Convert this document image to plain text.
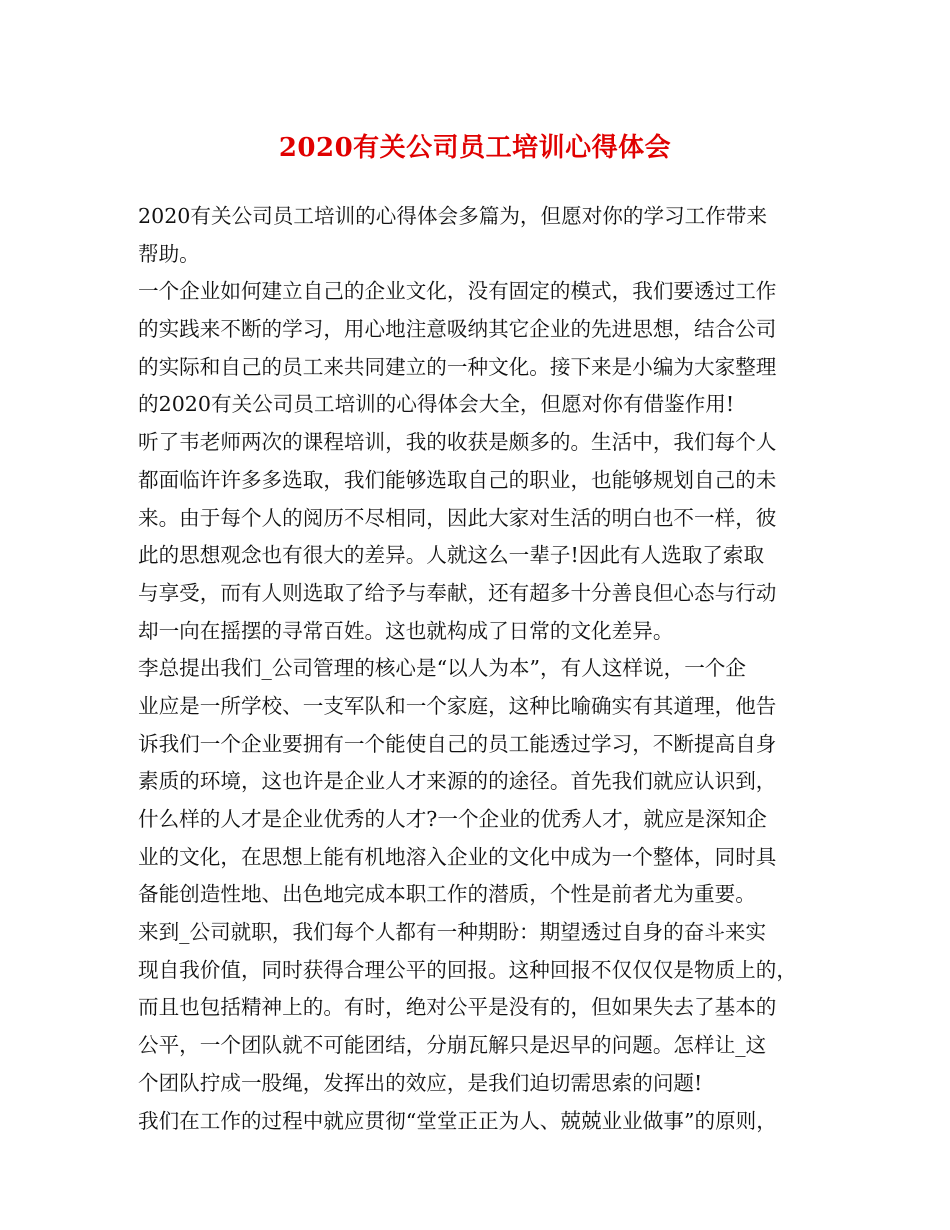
2020有关公司员工培训心得体会
2020有关公司员工培训的心得体会多篇为，但愿对你的学习工作带来
帮助。
一个企业如何建立自己的企业文化，没有固定的模式，我们要透过工作
的实践来不断的学习，用心地注意吸纳其它企业的先进思想，结合公司
的实际和自己的员工来共同建立的一种文化。接下来是小编为大家整理
的2020有关公司员工培训的心得体会大全，但愿对你有借鉴作用!
听了韦老师两次的课程培训，我的收获是颇多的。生活中，我们每个人
都面临许许多多选取，我们能够选取自己的职业，也能够规划自己的未
来。由于每个人的阅历不尽相同，因此大家对生活的明白也不一样，彼
此的思想观念也有很大的差异。人就这么一辈子!因此有人选取了索取
与享受，而有人则选取了给予与奉献，还有超多十分善良但心态与行动
却一向在摇摆的寻常百姓。这也就构成了日常的文化差异。
李总提出我们_公司管理的核心是“以人为本”，有人这样说，一个企
业应是一所学校、一支军队和一个家庭，这种比喻确实有其道理，他告
诉我们一个企业要拥有一个能使自己的员工能透过学习，不断提高自身
素质的环境，这也许是企业人才来源的的途径。首先我们就应认识到，
什么样的人才是企业优秀的人才?一个企业的优秀人才，就应是深知企
业的文化，在思想上能有机地溶入企业的文化中成为一个整体，同时具
备能创造性地、出色地完成本职工作的潜质，个性是前者尤为重要。
来到_公司就职，我们每个人都有一种期盼：期望透过自身的奋斗来实
现自我价值，同时获得合理公平的回报。这种回报不仅仅仅是物质上的，
而且也包括精神上的。有时，绝对公平是没有的，但如果失去了基本的
公平，一个团队就不可能团结，分崩瓦解只是迟早的问题。怎样让_这
个团队拧成一股绳，发挥出的效应，是我们迫切需思索的问题!
我们在工作的过程中就应贯彻“堂堂正正为人、兢兢业业做事”的原则，
